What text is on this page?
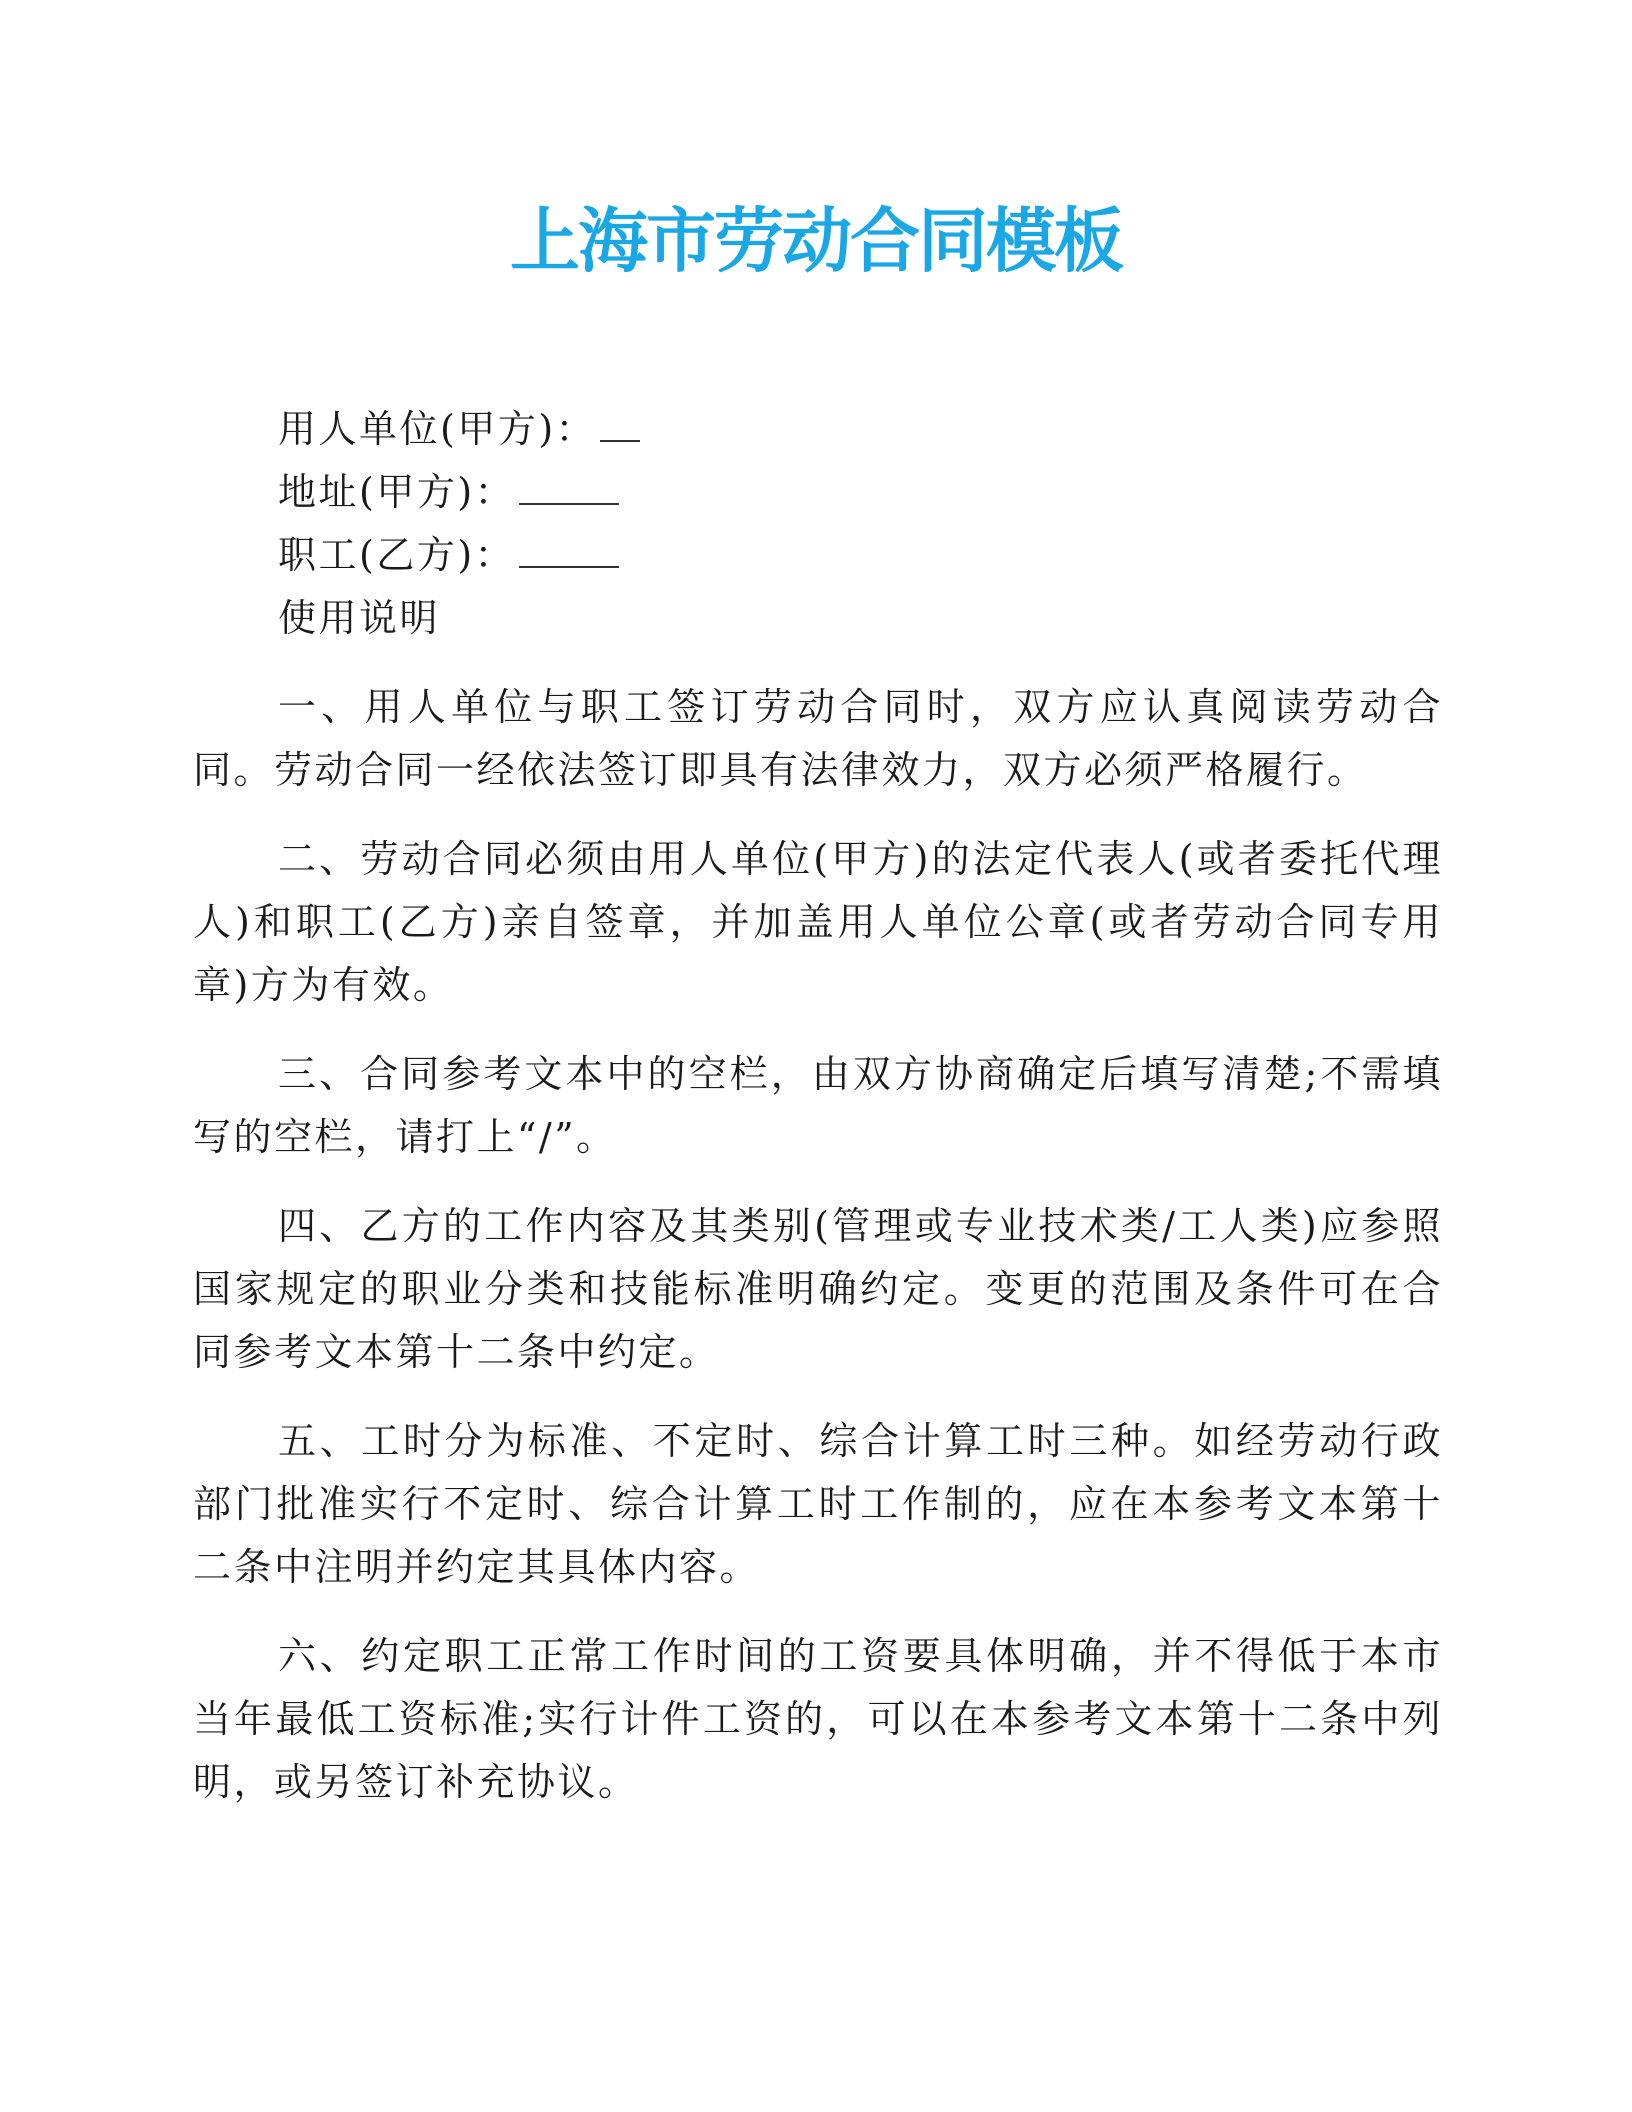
上海市劳动合同模板

用人单位(甲方)：

地址(甲方)：

职工(乙方)：

使用说明

一、用人单位与职工签订劳动合同时，双方应认真阅读劳动合同。劳动合同一经依法签订即具有法律效力，双方必须严格履行。

二、劳动合同必须由用人单位(甲方)的法定代表人(或者委托代理人)和职工(乙方)亲自签章，并加盖用人单位公章(或者劳动合同专用章)方为有效。

三、合同参考文本中的空栏，由双方协商确定后填写清楚;不需填写的空栏，请打上“/”。

四、乙方的工作内容及其类别(管理或专业技术类/工人类)应参照国家规定的职业分类和技能标准明确约定。变更的范围及条件可在合同参考文本第十二条中约定。

五、工时分为标准、不定时、综合计算工时三种。如经劳动行政部门批准实行不定时、综合计算工时工作制的，应在本参考文本第十二条中注明并约定其具体内容。

六、约定职工正常工作时间的工资要具体明确，并不得低于本市当年最低工资标准;实行计件工资的，可以在本参考文本第十二条中列明，或另签订补充协议。
